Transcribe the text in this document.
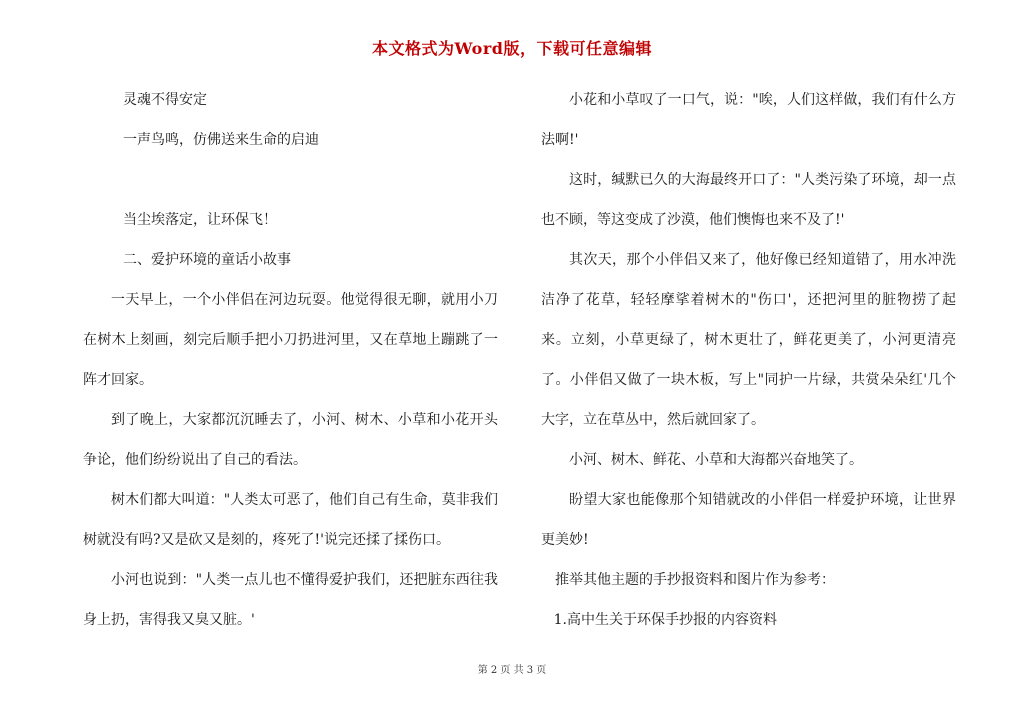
本文格式为Word版，下载可任意编辑

灵魂不得安定

一声鸟鸣，仿佛送来生命的启迪

当尘埃落定，让环保飞！

二、爱护环境的童话小故事

一天早上，一个小伴侣在河边玩耍。他觉得很无聊，就用小刀在树木上刻画，刻完后顺手把小刀扔进河里，又在草地上蹦跳了一阵才回家。

到了晚上，大家都沉沉睡去了，小河、树木、小草和小花开头争论，他们纷纷说出了自己的看法。

树木们都大叫道："人类太可恶了，他们自己有生命，莫非我们树就没有吗?又是砍又是刻的，疼死了!'说完还揉了揉伤口。

小河也说到："人类一点儿也不懂得爱护我们，还把脏东西往我身上扔，害得我又臭又脏。'

小花和小草叹了一口气，说："唉，人们这样做，我们有什么方法啊!'

这时，缄默已久的大海最终开口了："人类污染了环境，却一点也不顾，等这变成了沙漠，他们懊悔也来不及了!'

其次天，那个小伴侣又来了，他好像已经知道错了，用水冲洗洁净了花草，轻轻摩挲着树木的"伤口'，还把河里的脏物捞了起来。立刻，小草更绿了，树木更壮了，鲜花更美了，小河更清亮了。小伴侣又做了一块木板，写上"同护一片绿，共赏朵朵红'几个大字，立在草丛中，然后就回家了。

小河、树木、鲜花、小草和大海都兴奋地笑了。

盼望大家也能像那个知错就改的小伴侣一样爱护环境，让世界更美妙!

推举其他主题的手抄报资料和图片作为参考：

1.高中生关于环保手抄报的内容资料

第 2 页 共 3 页
